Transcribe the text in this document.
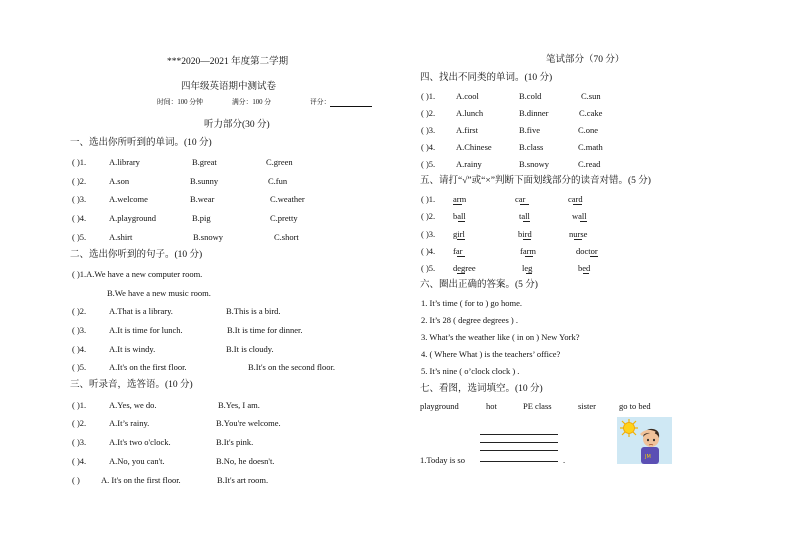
***2020—2021 年度第二学期
四年级英语期中测试卷
时间：100 分钟	满分：100 分	评分：
听力部分(30 分)
一、选出你所听到的单词。(10 分)
( )1.	A.library	B.great	C.green
( )2.	A.son	B.sunny	C.fun
( )3.	A.welcome	B.wear	C.weather
( )4.	A.playground	B.pig	C.pretty
( )5.	A.shirt	B.snowy	C.short
二、选出你听到的句子。(10 分)
( )1.A.We have a new computer room.
B.We have a new music room.
( )2.	A.That is a library.	B.This is a bird.
( )3.	A.It is time for lunch.	B.It is time for dinner.
( )4.	A.It is windy.	B.It is cloudy.
( )5.	A.It's on the first floor.	B.It's on the second floor.
三、听录音，选答语。(10 分)
( )1.	A.Yes, we do.	B.Yes, I am.
( )2.	A.It’s rainy.	B.You're welcome.
( )3.	A.It's two o'clock.	B.It's pink.
( )4.	A.No, you can't.	B.No, he doesn't.
( ) A. It's on the first floor.	B.It's art room.
笔试部分（70 分）
四、找出不同类的单词。(10 分)
( )1. A.cool	B.cold	C.sun
( )2. A.lunch	B.dinner	C.cake
( )3. A.first	B.five	C.one
( )4. A.Chinese	B.class	C.math
( )5. A.rainy	B.snowy	C.read
五、请打“√”或“×”判断下面划线部分的读音对错。(5 分)
( )1. arm	car	card
( )2. ball	tall	wall
( )3. girl	bird	nurse
( )4. far	farm	doctor
( )5. degree	leg	bed
六、圈出正确的答案。(5 分)
1. It’s time ( for to ) go home.
2. It’s 28 ( degree degrees ) .
3. What’s the weather like ( in on ) New York?
4. ( Where What ) is the teachers’ office?
5. It’s nine ( o’clock clock ) .
七、看图，选词填空。(10 分)
playground	hot	PE class	sister	go to bed
1.Today is so	.	JM
